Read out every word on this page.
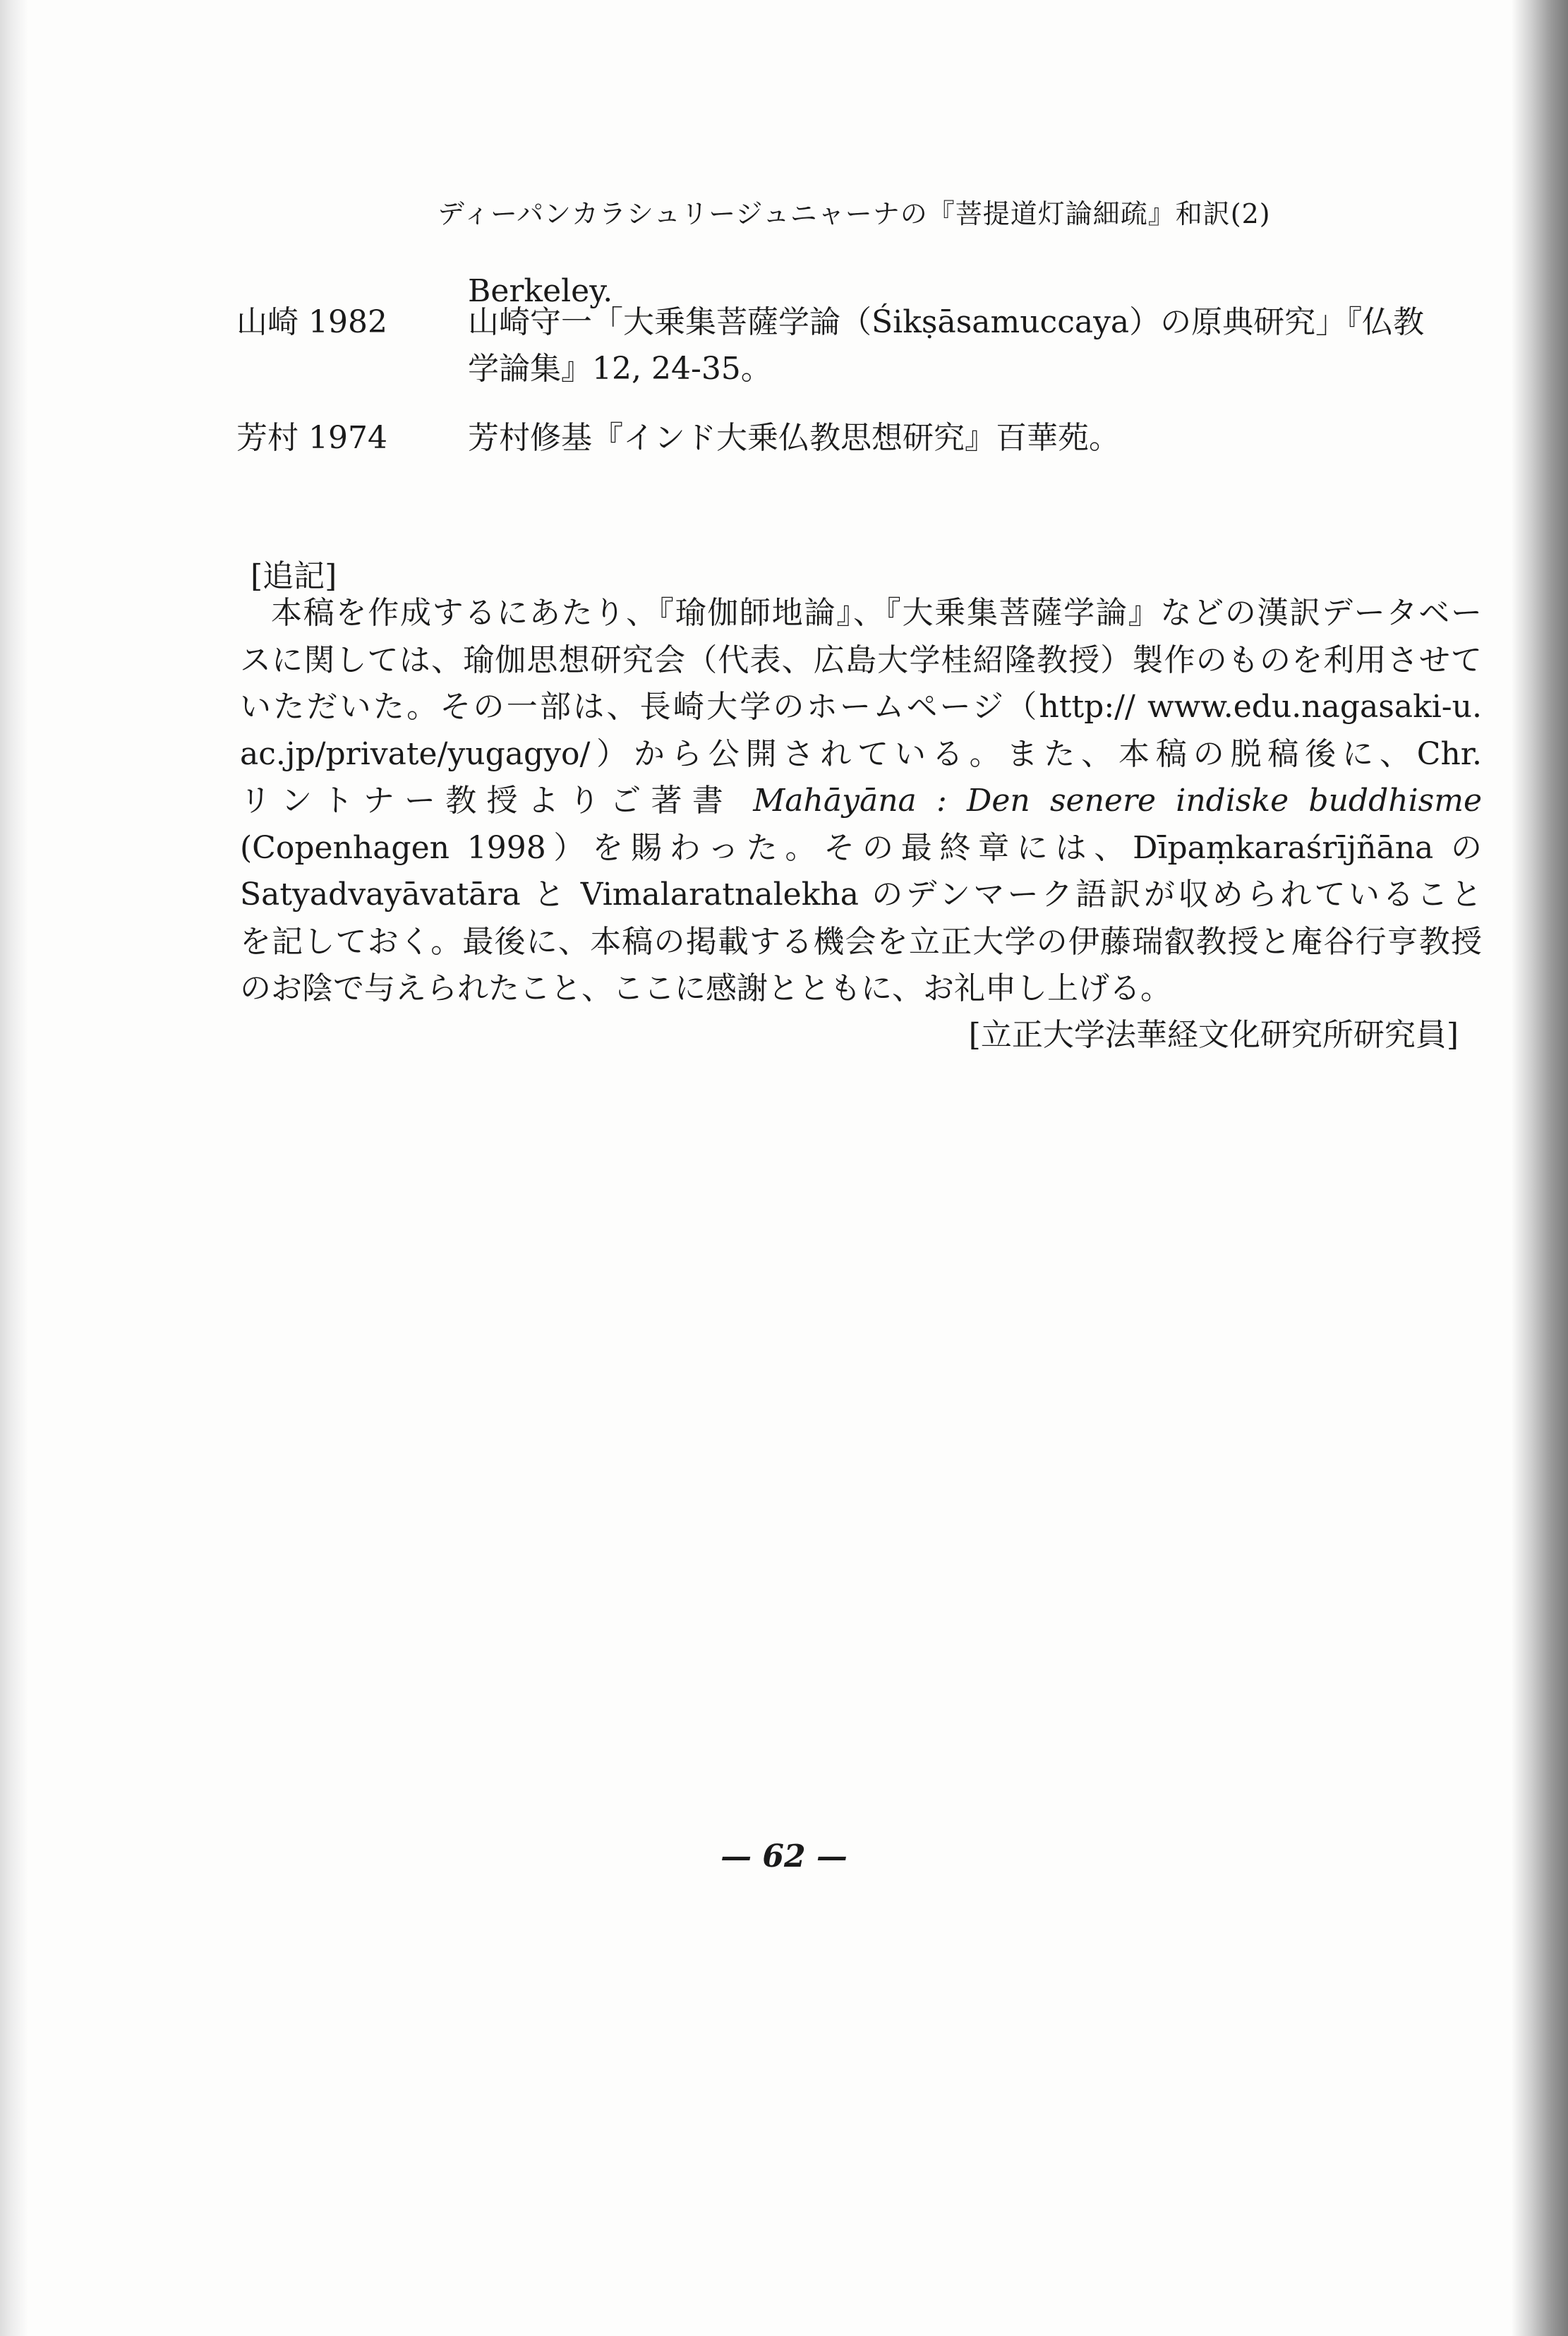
ディーパンカラシュリージュニャーナの『菩提道灯論細疏』和訳(2)
Berkeley.
山崎 1982	山崎守一「大乗集菩薩学論（Śikṣāsamuccaya）の原典研究」『仏教
学論集』12, 24-35。
芳村 1974	芳村修基『インド大乗仏教思想研究』百華苑。
[追記]
本稿を作成するにあたり、『瑜伽師地論』、『大乗集菩薩学論』などの漢訳データベー
スに関しては、瑜伽思想研究会（代表、広島大学桂紹隆教授）製作のものを利用させて
いただいた。その一部は、長崎大学のホームページ（http:// www.edu.nagasaki-u.
ac.jp/private/yugagyo/）から公開されている。また、本稿の脱稿後に、Chr.
リントナー教授よりご著書 Mahāyāna : Den senere indiske buddhisme
(Copenhagen 1998）を賜わった。その最終章には、Dīpaṃkaraśrījñāna の
Satyadvayāvatāra と Vimalaratnalekha のデンマーク語訳が収められていること
を記しておく。最後に、本稿の掲載する機会を立正大学の伊藤瑞叡教授と庵谷行亨教授
のお陰で与えられたこと、ここに感謝とともに、お礼申し上げる。
[立正大学法華経文化研究所研究員]
— 62 —
